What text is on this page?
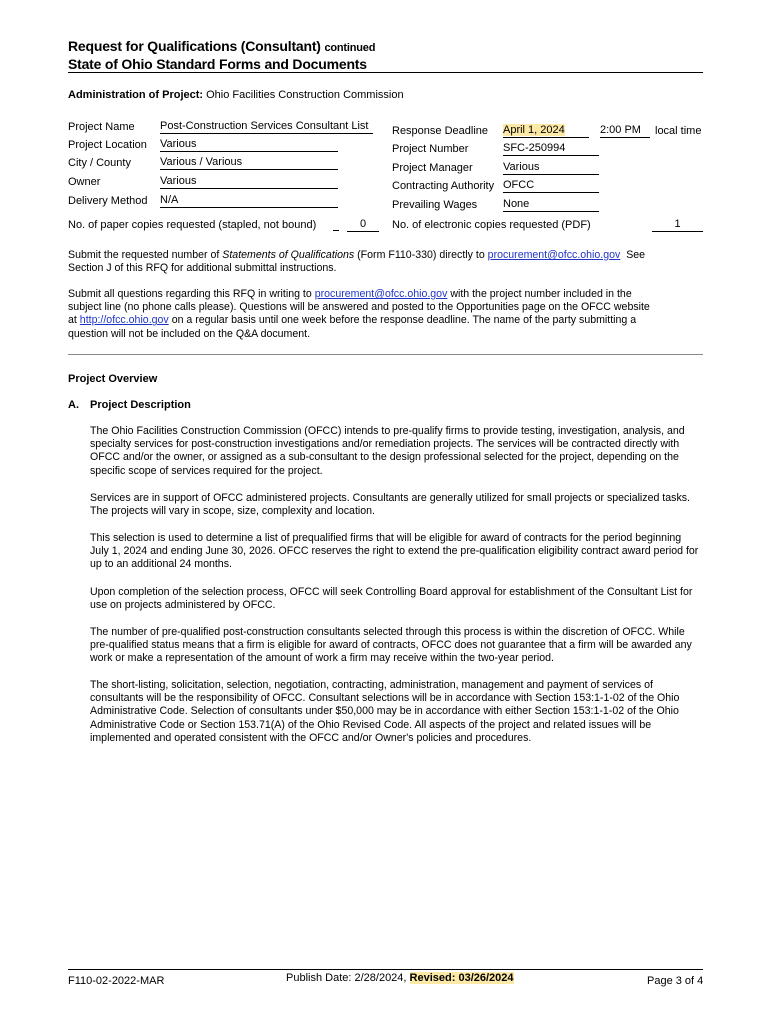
Request for Qualifications (Consultant) continued
State of Ohio Standard Forms and Documents
Administration of Project: Ohio Facilities Construction Commission
Project Name Post-Construction Services Consultant List
Project Location Various
City / County	Various / Various
Owner	Various
Delivery Method N/A
Response Deadline April 1, 2024	2:00 PM	local time
Project Number	SFC-250994
Project Manager	Various
Contracting Authority OFCC
Prevailing Wages None
No. of paper copies requested (stapled, not bound)	0	No. of electronic copies requested (PDF)	1
Submit the requested number of Statements of Qualifications (Form F110-330) directly to procurement@ofcc.ohio.gov See
Section J of this RFQ for additional submittal instructions.
Submit all questions regarding this RFQ in writing to procurement@ofcc.ohio.gov with the project number included in the
subject line (no phone calls please). Questions will be answered and posted to the Opportunities page on the OFCC website
at http://ofcc.ohio.gov on a regular basis until one week before the response deadline. The name of the party submitting a
question will not be included on the Q&A document.
Project Overview
A. Project Description
The Ohio Facilities Construction Commission (OFCC) intends to pre-qualify firms to provide testing, investigation, analysis, and specialty services for post-construction investigations and/or remediation projects. The services will be contracted directly with OFCC and/or the owner, or assigned as a sub-consultant to the design professional selected for the project, depending on the specific scope of services required for the project.
Services are in support of OFCC administered projects. Consultants are generally utilized for small projects or specialized tasks. The projects will vary in scope, size, complexity and location.
This selection is used to determine a list of prequalified firms that will be eligible for award of contracts for the period beginning July 1, 2024 and ending June 30, 2026. OFCC reserves the right to extend the pre-qualification eligibility contract award period for up to an additional 24 months.
Upon completion of the selection process, OFCC will seek Controlling Board approval for establishment of the Consultant List for use on projects administered by OFCC.
The number of pre-qualified post-construction consultants selected through this process is within the discretion of OFCC. While pre-qualified status means that a firm is eligible for award of contracts, OFCC does not guarantee that a firm will be awarded any work or make a representation of the amount of work a firm may receive within the two-year period.
The short-listing, solicitation, selection, negotiation, contracting, administration, management and payment of services of consultants will be the responsibility of OFCC. Consultant selections will be in accordance with Section 153:1-1-02 of the Ohio Administrative Code. Selection of consultants under $50,000 may be in accordance with either Section 153:1-1-02 of the Ohio Administrative Code or Section 153.71(A) of the Ohio Revised Code. All aspects of the project and related issues will be implemented and operated consistent with the OFCC and/or Owner's policies and procedures.
F110-02-2022-MAR	Publish Date: 2/28/2024, Revised: 03/26/2024	Page 3 of 4
